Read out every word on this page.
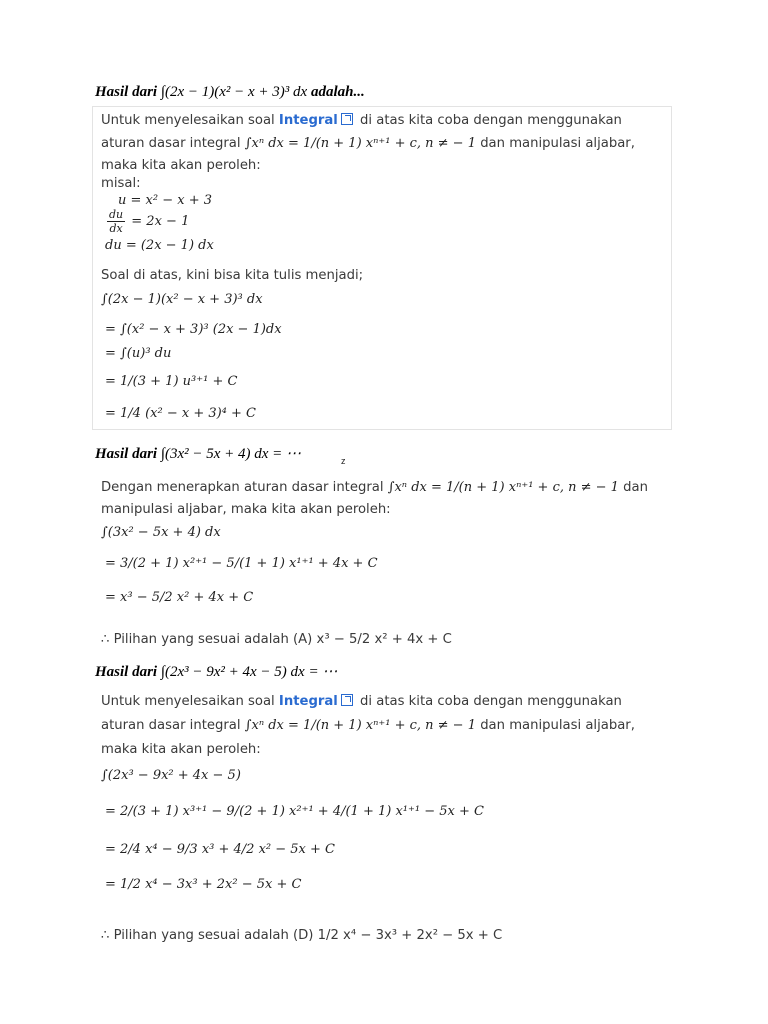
Hasil dari ∫(2x − 1)(x² − x + 3)³ dx adalah...
Untuk menyelesaikan soal Integral di atas kita coba dengan menggunakan
aturan dasar integral ∫xⁿ dx = 1/(n + 1) xⁿ⁺¹ + c, n ≠ − 1 dan manipulasi aljabar,
maka kita akan peroleh:
misal:
u = x² − x + 3
$\frac{du}{dx} = 2x - 1$
du = (2x − 1) dx
Soal di atas, kini bisa kita tulis menjadi;
∫(2x − 1)(x² − x + 3)³ dx
= ∫(x² − x + 3)³ (2x − 1)dx
= ∫(u)³ du
= 1/(3 + 1) u³⁺¹ + C
= 1/4 (x² − x + 3)⁴ + C
Hasil dari ∫(3x² − 5x + 4) dx = ⋯	z
Dengan menerapkan aturan dasar integral ∫xⁿ dx = 1/(n + 1) xⁿ⁺¹ + c, n ≠ − 1 dan
manipulasi aljabar, maka kita akan peroleh:
∫(3x² − 5x + 4) dx
= 3/(2 + 1) x²⁺¹ − 5/(1 + 1) x¹⁺¹ + 4x + C
= x³ − 5/2 x² + 4x + C
∴ Pilihan yang sesuai adalah (A) x³ − 5/2 x² + 4x + C
Hasil dari ∫(2x³ − 9x² + 4x − 5) dx = ⋯
Untuk menyelesaikan soal Integral di atas kita coba dengan menggunakan
aturan dasar integral ∫xⁿ dx = 1/(n + 1) xⁿ⁺¹ + c, n ≠ − 1 dan manipulasi aljabar,
maka kita akan peroleh:
∫(2x³ − 9x² + 4x − 5)
= 2/(3 + 1) x³⁺¹ − 9/(2 + 1) x²⁺¹ + 4/(1 + 1) x¹⁺¹ − 5x + C
= 2/4 x⁴ − 9/3 x³ + 4/2 x² − 5x + C
= 1/2 x⁴ − 3x³ + 2x² − 5x + C
∴ Pilihan yang sesuai adalah (D) 1/2 x⁴ − 3x³ + 2x² − 5x + C
